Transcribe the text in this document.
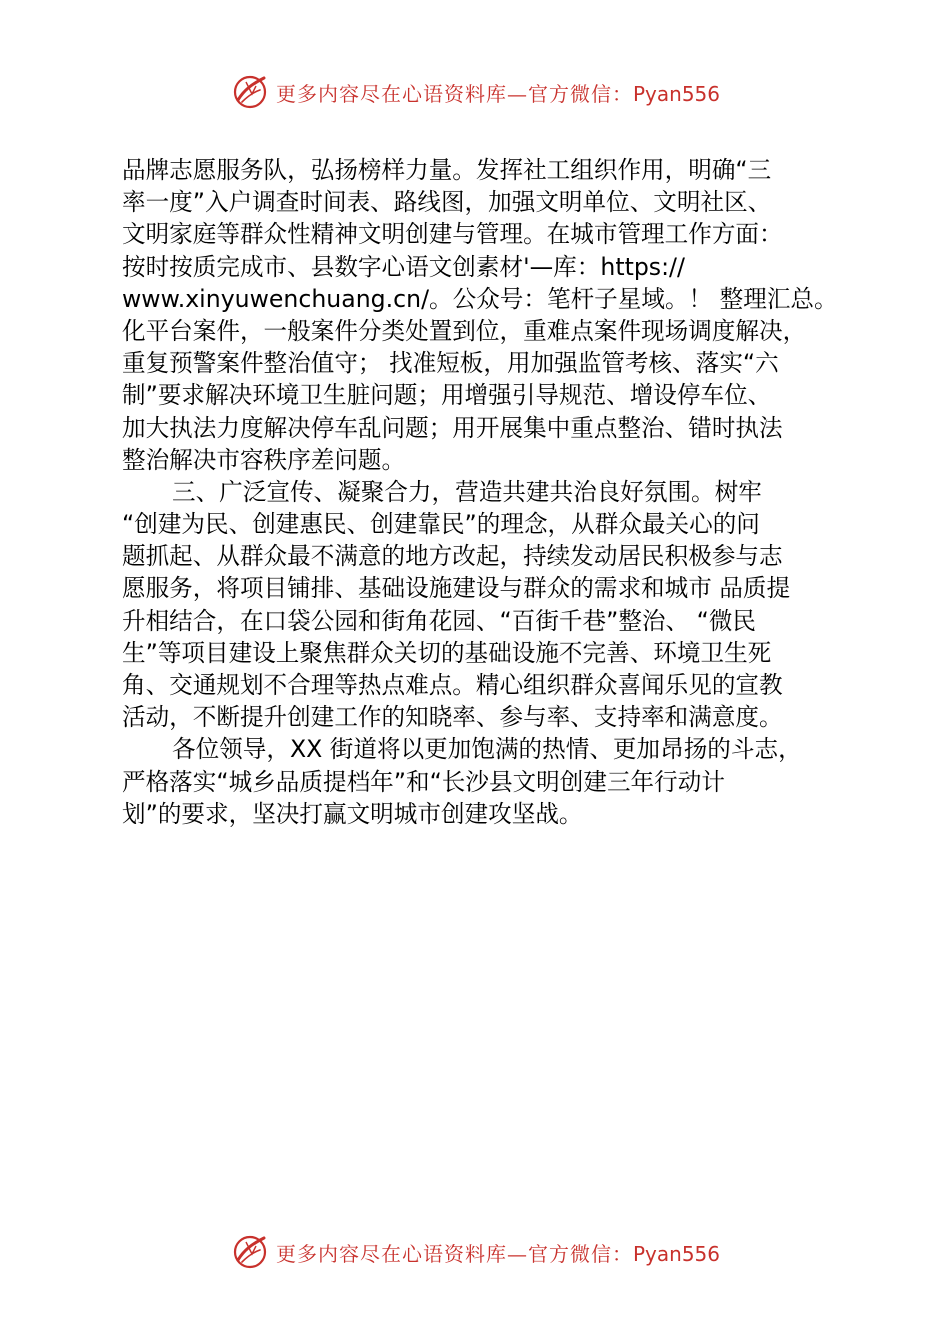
更多内容尽在心语资料库—官方微信：Pyan556
品牌志愿服务队，弘扬榜样力量。发挥社工组织作用，明确“三
率一度”入户调查时间表、路线图，加强文明单位、文明社区、
文明家庭等群众性精神文明创建与管理。在城市管理工作方面：
按时按质完成市、县数字心语文创素材'—库：https://
www.xinyuwenchuang.cn/。公众号：笔杆子星域。！ 整理汇总。
化平台案件，一般案件分类处置到位，重难点案件现场调度解决，
重复预警案件整治值守； 找准短板，用加强监管考核、落实“六
制”要求解决环境卫生脏问题；用增强引导规范、增设停车位、
加大执法力度解决停车乱问题；用开展集中重点整治、错时执法
整治解决市容秩序差问题。
三、广泛宣传、凝聚合力，营造共建共治良好氛围。树牢
“创建为民、创建惠民、创建靠民”的理念，从群众最关心的问
题抓起、从群众最不满意的地方改起，持续发动居民积极参与志
愿服务，将项目铺排、基础设施建设与群众的需求和城市 品质提
升相结合，在口袋公园和街角花园、“百街千巷”整治、 “微民
生”等项目建设上聚焦群众关切的基础设施不完善、环境卫生死
角、交通规划不合理等热点难点。精心组织群众喜闻乐见的宣教
活动，不断提升创建工作的知晓率、参与率、支持率和满意度。
各位领导，XX 街道将以更加饱满的热情、更加昂扬的斗志，
严格落实“城乡品质提档年”和“长沙县文明创建三年行动计
划”的要求，坚决打赢文明城市创建攻坚战。
更多内容尽在心语资料库—官方微信：Pyan556
